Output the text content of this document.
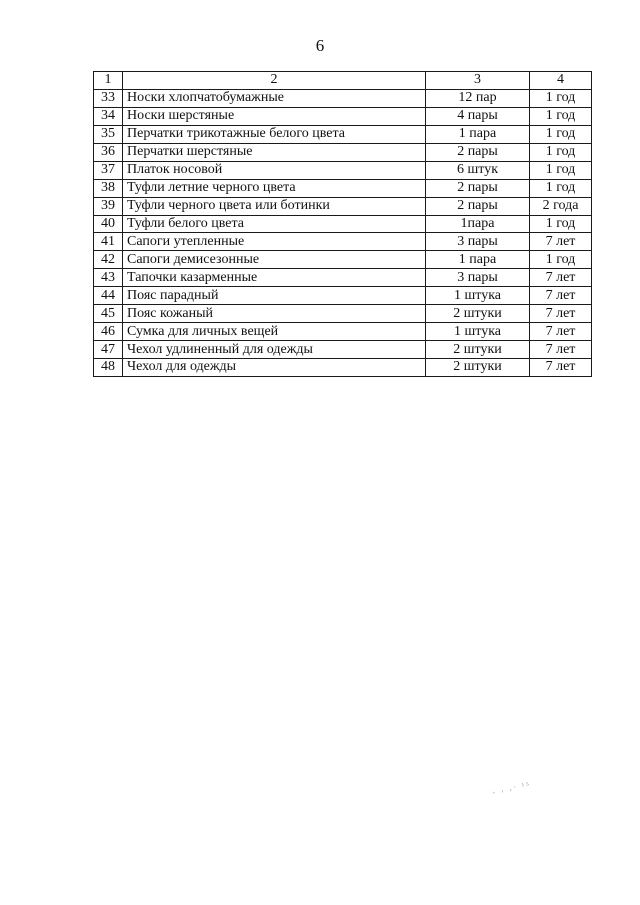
6
1	2	3	4
33	Носки хлопчатобумажные	12 пар	1 год
34	Носки шерстяные	4 пары	1 год
35	Перчатки трикотажные белого цвета	1 пара	1 год
36	Перчатки шерстяные	2 пары	1 год
37	Платок носовой	6 штук	1 год
38	Туфли летние черного цвета	2 пары	1 год
39	Туфли черного цвета или ботинки	2 пары	2 года
40	Туфли белого цвета	1пара	1 год
41	Сапоги утепленные	3 пары	7 лет
42	Сапоги демисезонные	1 пара	1 год
43	Тапочки казарменные	3 пары	7 лет
44	Пояс парадный	1 штука	7 лет
45	Пояс кожаный	2 штуки	7 лет
46	Сумка для личных вещей	1 штука	7 лет
47	Чехол удлиненный для одежды	2 штуки	7 лет
48	Чехол для одежды	2 штуки	7 лет
‚ ‚ ,· ¹⁵
